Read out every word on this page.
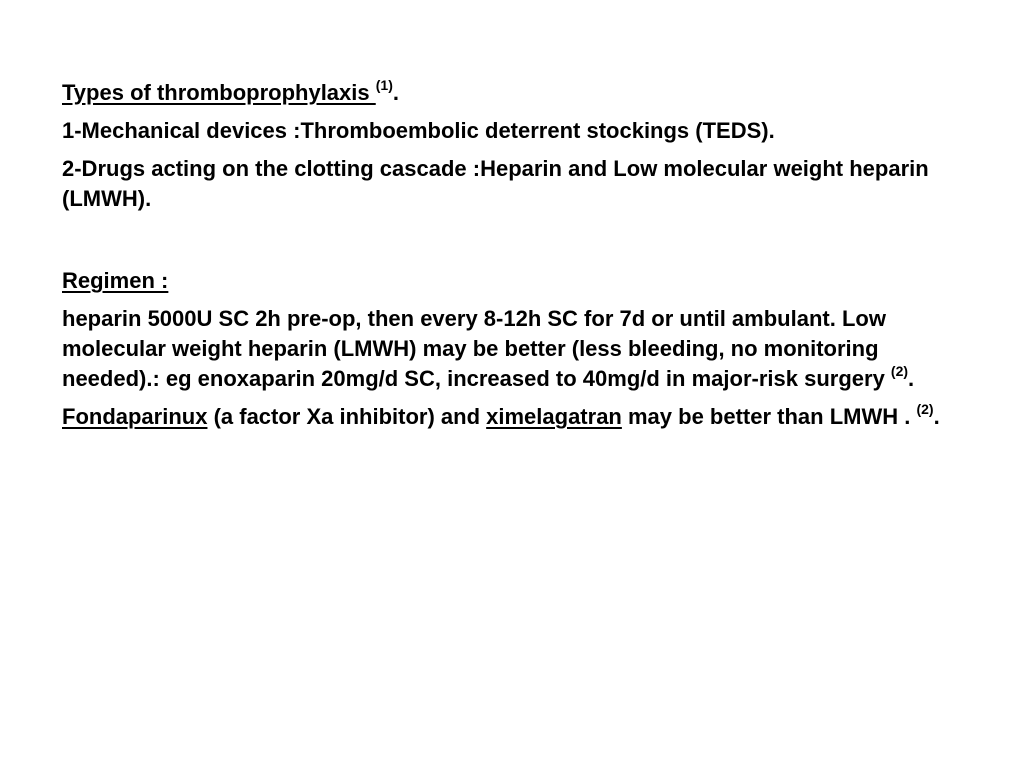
Types of thromboprophylaxis $^{(1)}$.

1-Mechanical devices :Thromboembolic deterrent stockings (TEDS).

2-Drugs acting on the clotting cascade :Heparin and Low molecular weight heparin (LMWH).

Regimen :

heparin 5000U SC 2h pre-op, then every 8-12h SC for 7d or until ambulant. Low molecular weight heparin (LMWH) may be better (less bleeding, no monitoring needed).: eg enoxaparin 20mg/d SC, increased to 40mg/d in major-risk surgery $^{(2)}$.

Fondaparinux (a factor Xa inhibitor) and ximelagatran may be better than LMWH . $^{(2)}$.
